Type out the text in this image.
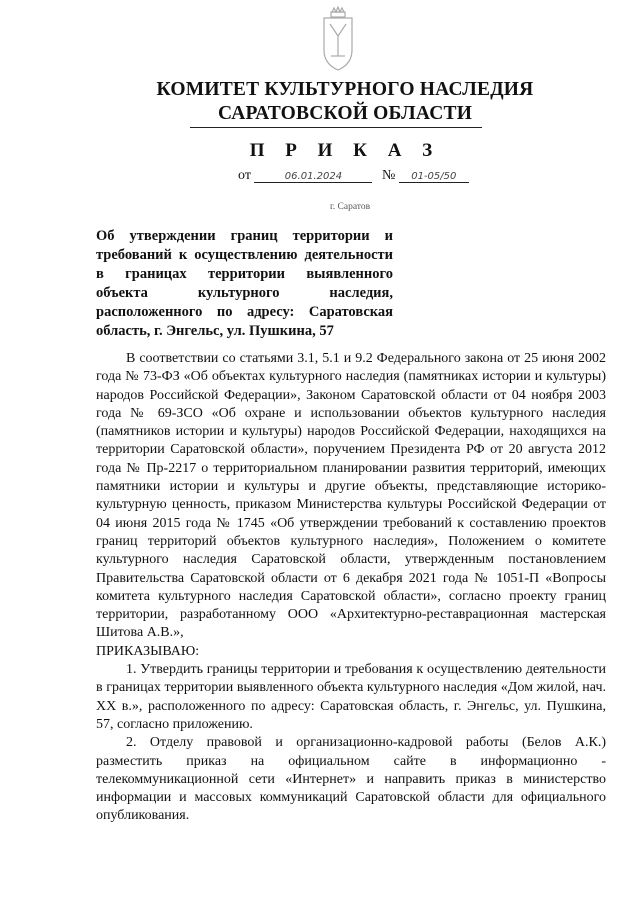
КОМИТЕТ КУЛЬТУРНОГО НАСЛЕДИЯ
САРАТОВСКОЙ ОБЛАСТИ
П Р И К А З
от	06.01.2024	№ 01-05/50
г. Саратов
Об утверждении границ территории и требований к осуществлению деятельности в границах территории выявленного объекта культурного наследия, расположенного по адресу: Саратовская область, г. Энгельс, ул. Пушкина, 57

В соответствии со статьями 3.1, 5.1 и 9.2 Федерального закона от 25 июня 2002 года № 73-ФЗ «Об объектах культурного наследия (памятниках истории и культуры) народов Российской Федерации», Законом Саратовской области от 04 ноября 2003 года № 69-ЗСО «Об охране и использовании объектов культурного наследия (памятников истории и культуры) народов Российской Федерации, находящихся на территории Саратовской области», поручением Президента РФ от 20 августа 2012 года № Пр-2217 о территориальном планировании развития территорий, имеющих памятники истории и культуры и другие объекты, представляющие историко-культурную ценность, приказом Министерства культуры Российской Федерации от 04 июня 2015 года № 1745 «Об утверждении требований к составлению проектов границ территорий объектов культурного наследия», Положением о комитете культурного наследия Саратовской области, утвержденным постановлением Правительства Саратовской области от 6 декабря 2021 года № 1051-П «Вопросы комитета культурного наследия Саратовской области», согласно проекту границ территории, разработанному ООО «Архитектурно-реставрационная мастерская Шитова А.В.»,

ПРИКАЗЫВАЮ:

1. Утвердить границы территории и требования к осуществлению деятельности в границах территории выявленного объекта культурного наследия «Дом жилой, нач. XX в.», расположенного по адресу: Саратовская область, г. Энгельс, ул. Пушкина, 57, согласно приложению.

2. Отделу правовой и организационно-кадровой работы (Белов А.К.) разместить приказ на официальном сайте в информационно - телекоммуникационной сети «Интернет» и направить приказ в министерство информации и массовых коммуникаций Саратовской области для официального опубликования.
